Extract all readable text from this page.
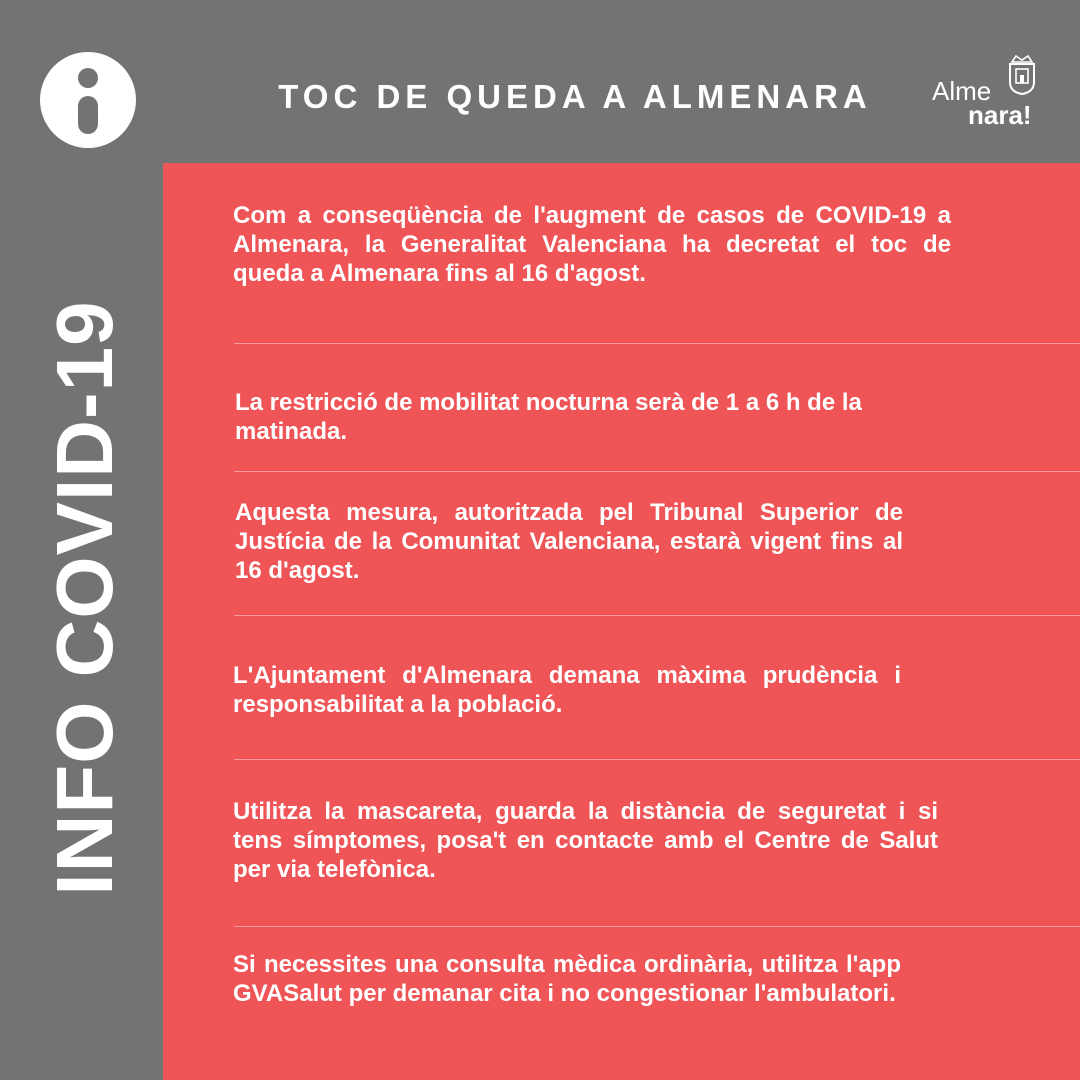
TOC DE QUEDA A ALMENARA	Alme
nara!
INFO COVID-19

Com a conseqüència de l'augment de casos de COVID-19 a Almenara, la Generalitat Valenciana ha decretat el toc de queda a Almenara fins al 16 d'agost.

La restricció de mobilitat nocturna serà de 1 a 6 h de la matinada.

Aquesta mesura, autoritzada pel Tribunal Superior de Justícia de la Comunitat Valenciana, estarà vigent fins al 16 d'agost.

L'Ajuntament d'Almenara demana màxima prudència i responsabilitat a la població.

Utilitza la mascareta, guarda la distància de seguretat i si tens símptomes, posa't en contacte amb el Centre de Salut per via telefònica.

Si necessites una consulta mèdica ordinària, utilitza l'app GVASalut per demanar cita i no congestionar l'ambulatori.
